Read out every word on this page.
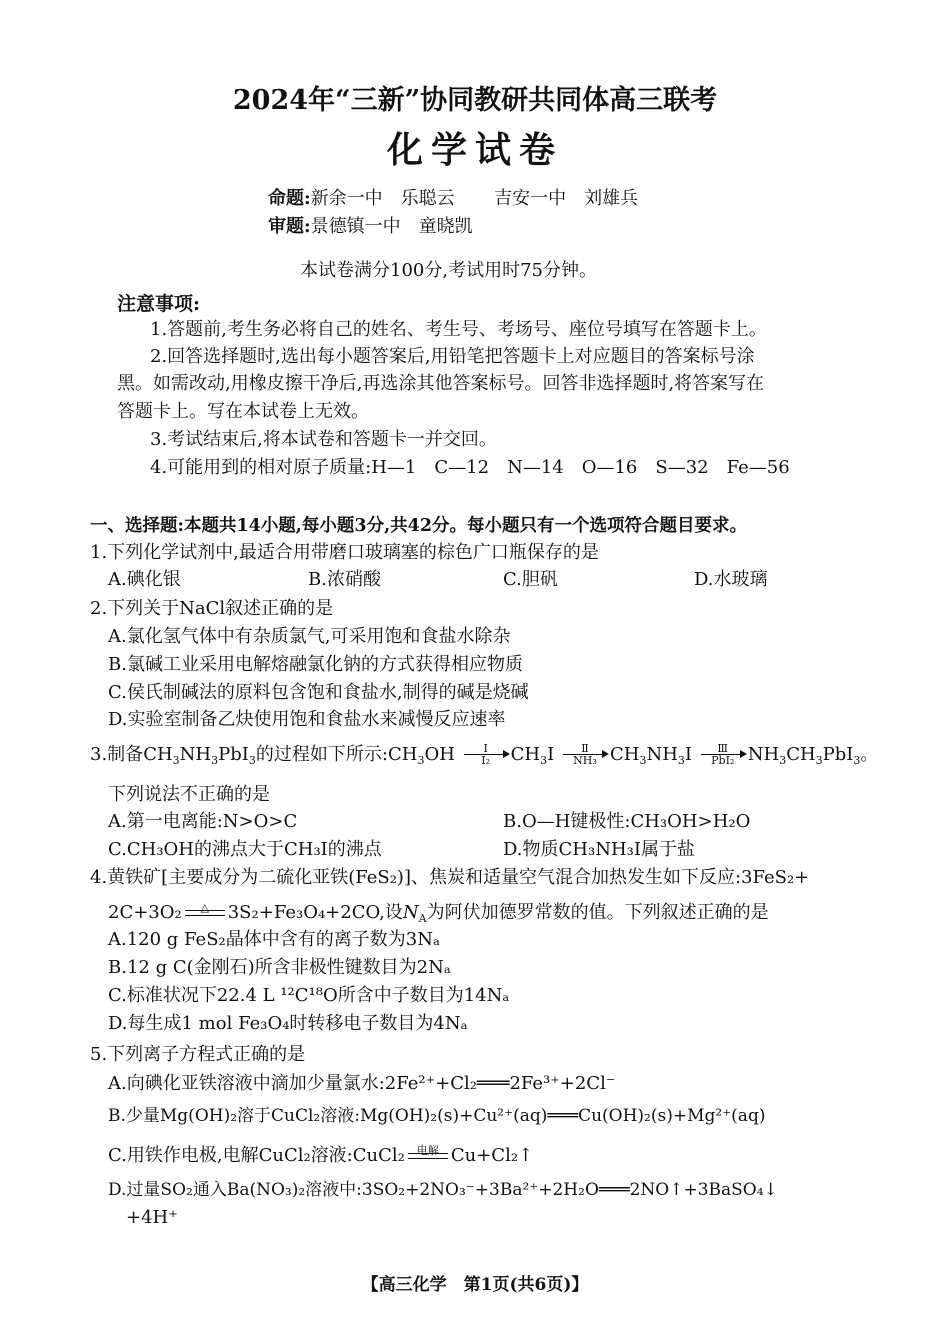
2024年“三新”协同教研共同体高三联考
化学试卷
命题:新余一中　乐聪云 吉安一中　刘雄兵
审题:景德镇一中　童晓凯
本试卷满分100分,考试用时75分钟。
注意事项:
1.答题前,考生务必将自己的姓名、考生号、考场号、座位号填写在答题卡上。
2.回答选择题时,选出每小题答案后,用铅笔把答题卡上对应题目的答案标号涂
黑。如需改动,用橡皮擦干净后,再选涂其他答案标号。回答非选择题时,将答案写在
答题卡上。写在本试卷上无效。
3.考试结束后,将本试卷和答题卡一并交回。
4.可能用到的相对原子质量:H—1　C—12　N—14　O—16　S—32　Fe—56
一、选择题:本题共14小题,每小题3分,共42分。每小题只有一个选项符合题目要求。
1.下列化学试剂中,最适合用带磨口玻璃塞的棕色广口瓶保存的是
A.碘化银	B.浓硝酸	C.胆矾	D.水玻璃
2.下列关于NaCl叙述正确的是
A.氯化氢气体中有杂质氯气,可采用饱和食盐水除杂
B.氯碱工业采用电解熔融氯化钠的方式获得相应物质
C.侯氏制碱法的原料包含饱和食盐水,制得的碱是烧碱
D.实验室制备乙炔使用饱和食盐水来减慢反应速率
3.制备$CH_3NH_3PbI_3$的过程如下所示$:CH_3OH$	Ⅰ
I₂	$CH_3I$	Ⅱ
NH₃ $CH_3NH_3I$	Ⅲ
PbI₂ $NH_3CH_3PbI_3$。
下列说法不正确的是
A.第一电离能:N>O>C	B.O—H键极性:CH₃OH>H₂O
C.CH₃OH的沸点大于CH₃I的沸点	D.物质CH₃NH₃I属于盐
4.黄铁矿[主要成分为二硫化亚铁(FeS₂)]、焦炭和适量空气混合加热发生如下反应:3FeS₂+
2C+3O₂	△	3S₂+Fe₃O₄+2CO,设$N_A$为阿伏加德罗常数的值。下列叙述正确的是
A.120 g FeS₂晶体中含有的离子数为3Nₐ
B.12 g C(金刚石)所含非极性键数目为2Nₐ
C.标准状况下22.4 L ¹²C¹⁸O所含中子数目为14Nₐ
D.每生成1 mol Fe₃O₄时转移电子数目为4Nₐ
5.下列离子方程式正确的是
A.向碘化亚铁溶液中滴加少量氯水:2Fe²⁺+Cl₂═══2Fe³⁺+2Cl⁻
B.少量Mg(OH)₂溶于CuCl₂溶液:Mg(OH)₂(s)+Cu²⁺(aq)═══Cu(OH)₂(s)+Mg²⁺(aq)
C.用铁作电极,电解CuCl₂溶液:CuCl₂	电解 Cu+Cl₂↑
D.过量SO₂通入Ba(NO₃)₂溶液中:3SO₂+2NO₃⁻+3Ba²⁺+2H₂O═══2NO↑+3BaSO₄↓
+4H⁺
【高三化学　第1页(共6页)】
